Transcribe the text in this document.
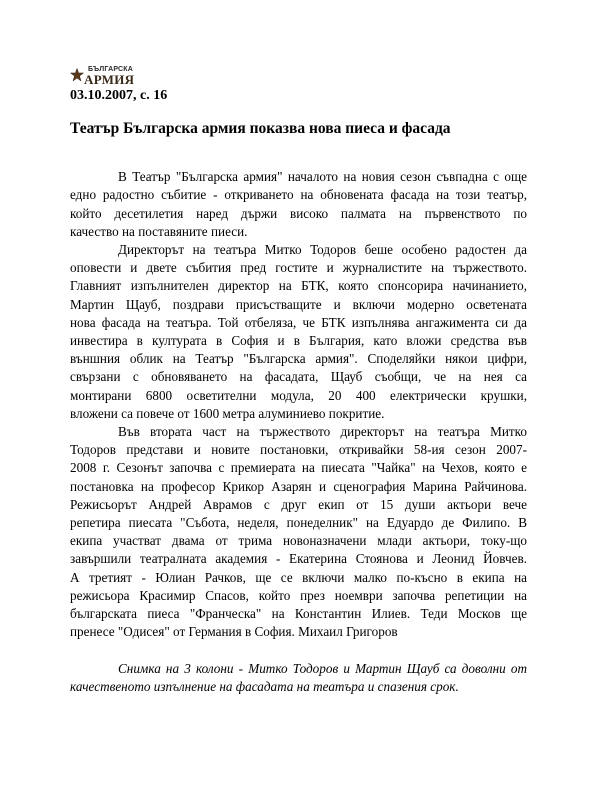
БЪЛГАРСКА
АРМИЯ
03.10.2007, с. 16
Театър Българска армия показва нова пиеса и фасада
В Театър "Българска армия" началото на новия сезон съвпадна с още
едно радостно събитие - откриването на обновената фасада на този театър,
който десетилетия наред държи високо палмата на първенството по
качество на поставяните пиеси.
Директорът на театъра Митко Тодоров беше особено радостен да
оповести и двете събития пред гостите и журналистите на тържеството.
Главният изпълнителен директор на БТК, която спонсорира начинанието,
Мартин Щауб, поздрави присъстващите и включи модерно осветената
нова фасада на театъра. Той отбелязa, че БТК изпълнява ангажимента си да
инвестира в културата в София и в България, като вложи средства във
външния облик на Театър "Българска армия". Споделяйки някои цифри,
свързани с обновяването на фасадата, Щауб съобщи, че на нея са
монтирани 6800 осветителни модула, 20 400 електрически крушки,
вложени са повече от 1600 метра алуминиево покритие.
Във втората част на тържеството директорът на театъра Митко
Тодоров представи и новите постановки, откривайки 58-ия сезон 2007-
2008 г. Сезонът започва с премиерата на пиесата "Чайка" на Чехов, която е
постановка на професор Крикор Азарян и сценография Марина Райчинова.
Режисьорът Андрей Аврамов с друг екип от 15 души актьори вече
репетира пиесата "Събота, неделя, понеделник" на Едуардо де Филипо. В
екипа участват двама от трима новоназначени млади актьори, току-що
завършили театралната академия - Екатерина Стоянова и Леонид Йовчев.
А третият - Юлиан Рачков, ще се включи малко по-късно в екипа на
режисьора Красимир Спасов, който през ноември започва репетиции на
българската пиеса "Франческа" на Константин Илиев. Теди Москов ще
пренесе "Одисея" от Германия в София. Михаил Григоров
Снимка на 3 колони - Митко Тодоров и Мартин Щауб са доволни от
качественото изпълнение на фасадата на театъра и спазения срок.
